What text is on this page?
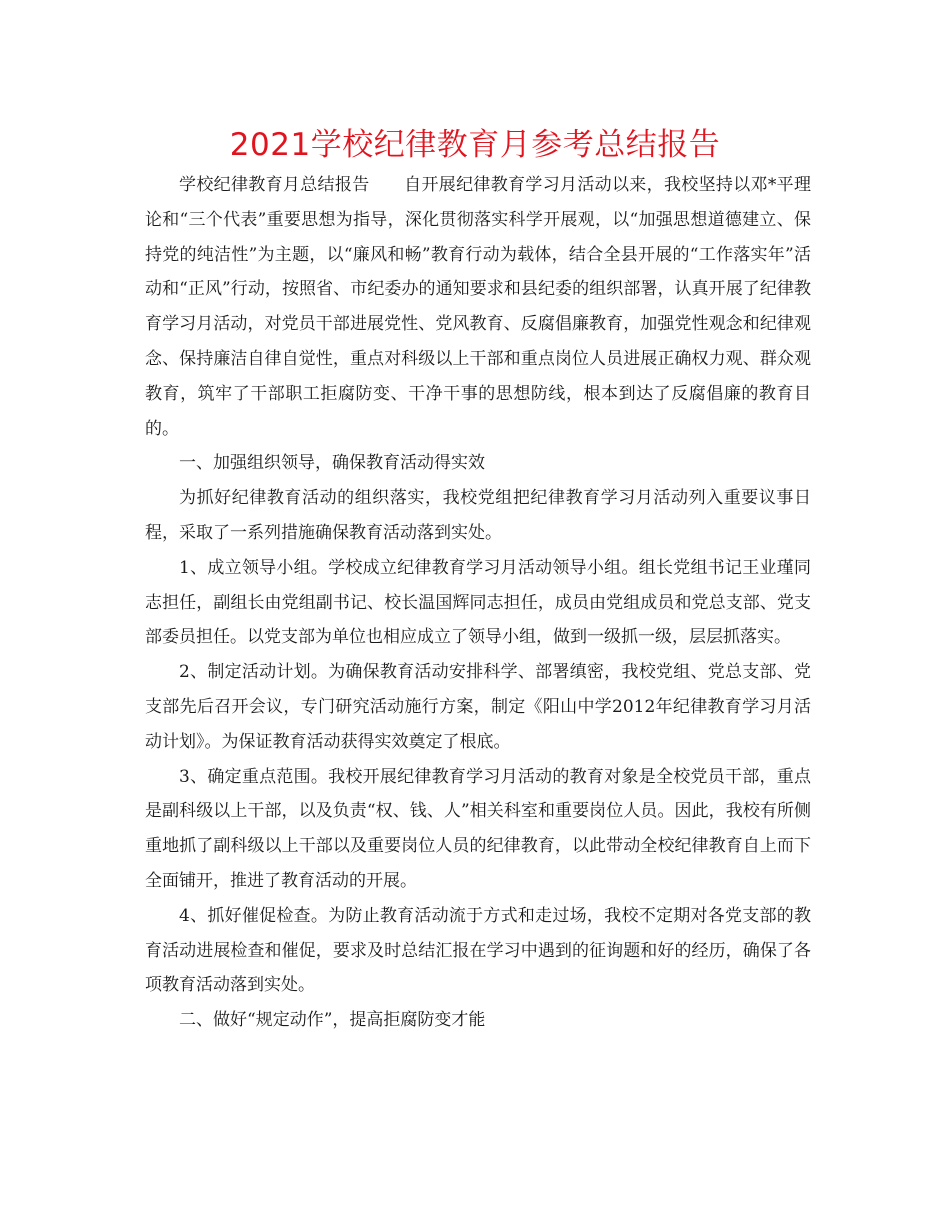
2021学校纪律教育月参考总结报告

学校纪律教育月总结报告　　自开展纪律教育学习月活动以来，我校坚持以邓*平理论和“三个代表”重要思想为指导，深化贯彻落实科学开展观，以“加强思想道德建立、保持党的纯洁性”为主题，以“廉风和畅”教育行动为载体，结合全县开展的“工作落实年”活动和“正风”行动，按照省、市纪委办的通知要求和县纪委的组织部署，认真开展了纪律教育学习月活动，对党员干部进展党性、党风教育、反腐倡廉教育，加强党性观念和纪律观念、保持廉洁自律自觉性，重点对科级以上干部和重点岗位人员进展正确权力观、群众观教育，筑牢了干部职工拒腐防变、干净干事的思想防线，根本到达了反腐倡廉的教育目的。

一、加强组织领导，确保教育活动得实效

为抓好纪律教育活动的组织落实，我校党组把纪律教育学习月活动列入重要议事日程，采取了一系列措施确保教育活动落到实处。

1、成立领导小组。学校成立纪律教育学习月活动领导小组。组长党组书记王业瑾同志担任，副组长由党组副书记、校长温国辉同志担任，成员由党组成员和党总支部、党支部委员担任。以党支部为单位也相应成立了领导小组，做到一级抓一级，层层抓落实。

2、制定活动计划。为确保教育活动安排科学、部署缜密，我校党组、党总支部、党支部先后召开会议，专门研究活动施行方案，制定《阳山中学2012年纪律教育学习月活动计划》。为保证教育活动获得实效奠定了根底。

3、确定重点范围。我校开展纪律教育学习月活动的教育对象是全校党员干部，重点是副科级以上干部，以及负责“权、钱、人”相关科室和重要岗位人员。因此，我校有所侧重地抓了副科级以上干部以及重要岗位人员的纪律教育，以此带动全校纪律教育自上而下全面铺开，推进了教育活动的开展。

4、抓好催促检查。为防止教育活动流于方式和走过场，我校不定期对各党支部的教育活动进展检查和催促，要求及时总结汇报在学习中遇到的征询题和好的经历，确保了各项教育活动落到实处。

二、做好“规定动作”，提高拒腐防变才能
